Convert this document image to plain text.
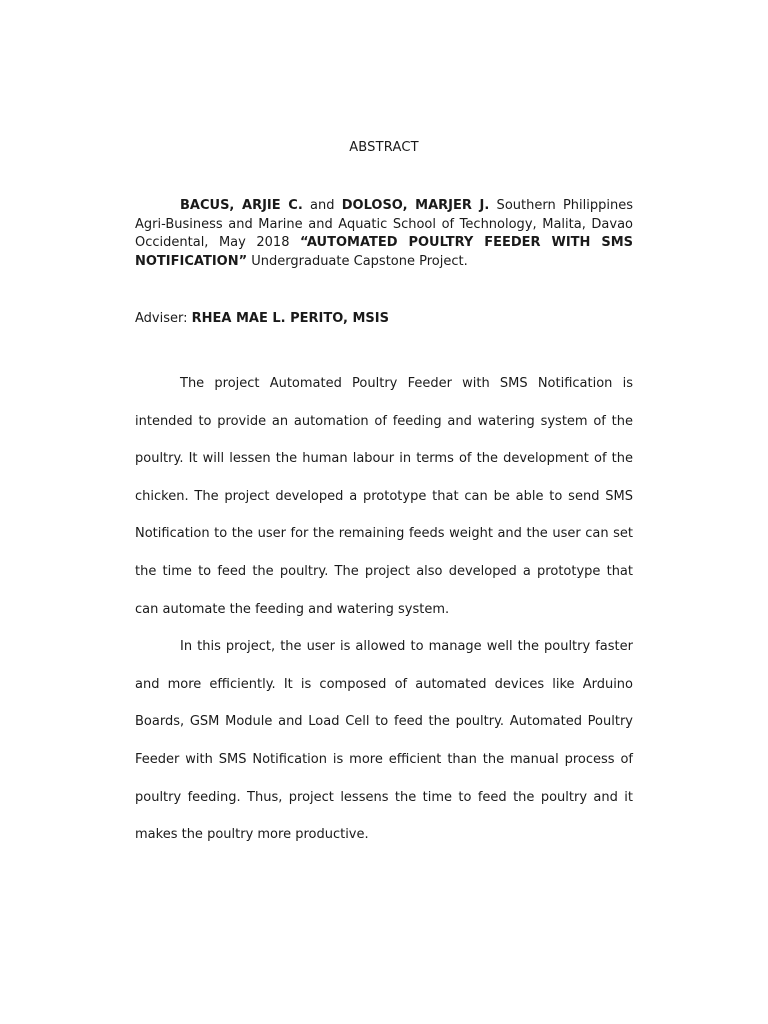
ABSTRACT
BACUS, ARJIE C. and DOLOSO, MARJER J. Southern Philippines Agri-Business and Marine and Aquatic School of Technology, Malita, Davao Occidental, May 2018 “AUTOMATED POULTRY FEEDER WITH SMS NOTIFICATION” Undergraduate Capstone Project.
Adviser: RHEA MAE L. PERITO, MSIS

The project Automated Poultry Feeder with SMS Notification is intended to provide an automation of feeding and watering system of the poultry. It will lessen the human labour in terms of the development of the chicken. The project developed a prototype that can be able to send SMS Notification to the user for the remaining feeds weight and the user can set the time to feed the poultry. The project also developed a prototype that can automate the feeding and watering system.

In this project, the user is allowed to manage well the poultry faster and more efficiently. It is composed of automated devices like Arduino Boards, GSM Module and Load Cell to feed the poultry. Automated Poultry Feeder with SMS Notification is more efficient than the manual process of poultry feeding. Thus, project lessens the time to feed the poultry and it makes the poultry more productive.
